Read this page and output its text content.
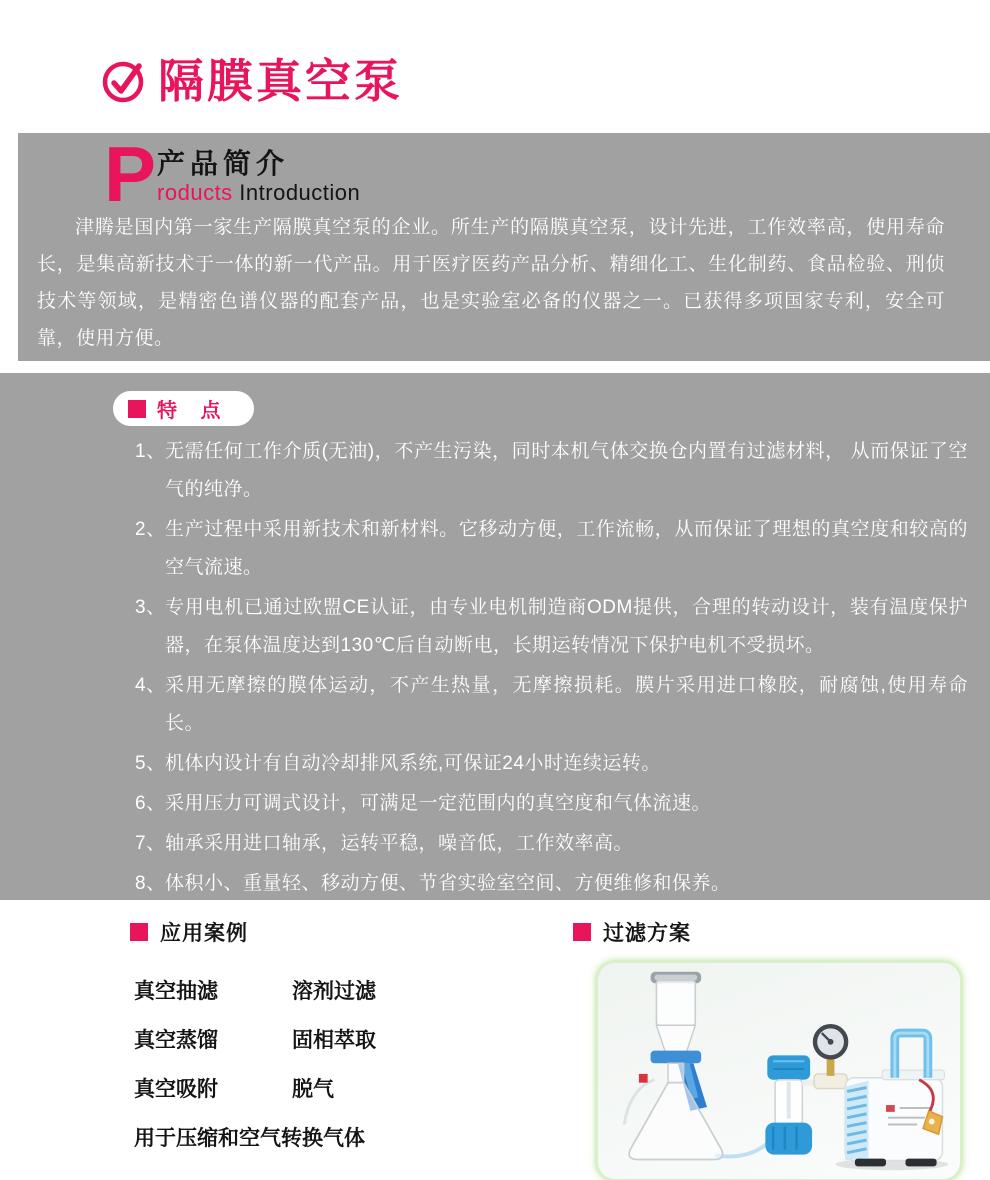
隔膜真空泵
P 产品简介
roducts Introduction

津腾是国内第一家生产隔膜真空泵的企业。所生产的隔膜真空泵，设计先进，工作效率高，使用寿命长，是集高新技术于一体的新一代产品。用于医疗医药产品分析、精细化工、生化制药、食品检验、刑侦技术等领域，是精密色谱仪器的配套产品，也是实验室必备的仪器之一。已获得多项国家专利，安全可靠，使用方便。

特 点
1、 无需任何工作介质(无油)，不产生污染，同时本机气体交换仓内置有过滤材料， 从而保证了空气的纯净。
2、 生产过程中采用新技术和新材料。它移动方便，工作流畅，从而保证了理想的真空度和较高的空气流速。
3、 专用电机已通过欧盟CE认证，由专业电机制造商ODM提供，合理的转动设计，装有温度保护器，在泵体温度达到130℃后自动断电，长期运转情况下保护电机不受损坏。
4、 采用无摩擦的膜体运动，不产生热量，无摩擦损耗。膜片采用进口橡胶，耐腐蚀,使用寿命长。
5、 机体内设计有自动冷却排风系统,可保证24小时连续运转。
6、 采用压力可调式设计，可满足一定范围内的真空度和气体流速。
7、 轴承采用进口轴承，运转平稳，噪音低，工作效率高。
8、 体积小、重量轻、移动方便、节省实验室空间、方便维修和保养。
应用案例
真空抽滤	溶剂过滤
真空蒸馏	固相萃取
真空吸附	脱气
用于压缩和空气转换气体
过滤方案
